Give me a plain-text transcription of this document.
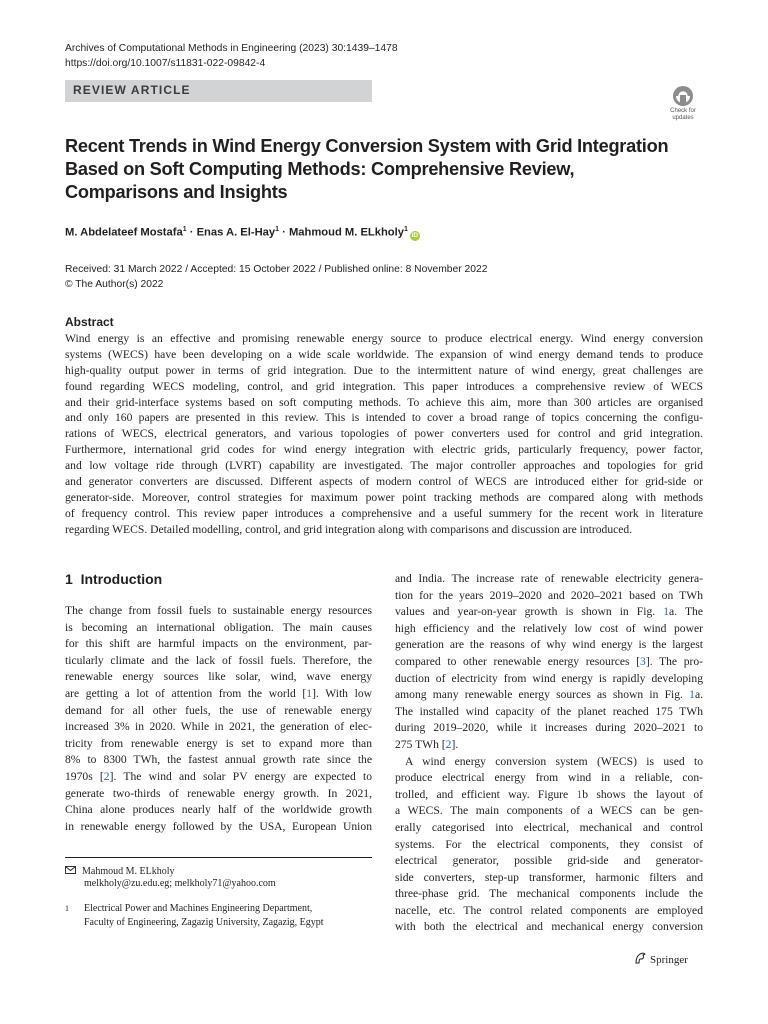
Archives of Computational Methods in Engineering (2023) 30:1439–1478
https://doi.org/10.1007/s11831-022-09842-4
REVIEW ARTICLE
Check for
updates
Recent Trends in Wind Energy Conversion System with Grid Integration
Based on Soft Computing Methods: Comprehensive Review,
Comparisons and Insights
M. Abdelateef Mostafa$^1$ · Enas A. El-Hay$^1$ · Mahmoud M. ELkholy$^1$iD
Received: 31 March 2022 / Accepted: 15 October 2022 / Published online: 8 November 2022
© The Author(s) 2022
Abstract
Wind energy is an effective and promising renewable energy source to produce electrical energy. Wind energy conversion
systems (WECS) have been developing on a wide scale worldwide. The expansion of wind energy demand tends to produce
high-quality output power in terms of grid integration. Due to the intermittent nature of wind energy, great challenges are
found regarding WECS modeling, control, and grid integration. This paper introduces a comprehensive review of WECS
and their grid-interface systems based on soft computing methods. To achieve this aim, more than 300 articles are organised
and only 160 papers are presented in this review. This is intended to cover a broad range of topics concerning the configu-
rations of WECS, electrical generators, and various topologies of power converters used for control and grid integration.
Furthermore, international grid codes for wind energy integration with electric grids, particularly frequency, power factor,
and low voltage ride through (LVRT) capability are investigated. The major controller approaches and topologies for grid
and generator converters are discussed. Different aspects of modern control of WECS are introduced either for grid-side or
generator-side. Moreover, control strategies for maximum power point tracking methods are compared along with methods
of frequency control. This review paper introduces a comprehensive and a useful summery for the recent work in literature
regarding WECS. Detailed modelling, control, and grid integration along with comparisons and discussion are introduced.
1 Introduction
The change from fossil fuels to sustainable energy resources
is becoming an international obligation. The main causes
for this shift are harmful impacts on the environment, par-
ticularly climate and the lack of fossil fuels. Therefore, the
renewable energy sources like solar, wind, wave energy
are getting a lot of attention from the world [1]. With low
demand for all other fuels, the use of renewable energy
increased 3% in 2020. While in 2021, the generation of elec-
tricity from renewable energy is set to expand more than
8% to 8300 TWh, the fastest annual growth rate since the
1970s [2]. The wind and solar PV energy are expected to
generate two-thirds of renewable energy growth. In 2021,
China alone produces nearly half of the worldwide growth
in renewable energy followed by the USA, European Union
and India. The increase rate of renewable electricity genera-
tion for the years 2019–2020 and 2020–2021 based on TWh
values and year-on-year growth is shown in Fig. 1a. The
high efficiency and the relatively low cost of wind power
generation are the reasons of why wind energy is the largest
compared to other renewable energy resources [3]. The pro-
duction of electricity from wind energy is rapidly developing
among many renewable energy sources as shown in Fig. 1a.
The installed wind capacity of the planet reached 175 TWh
during 2019–2020, while it increases during 2020–2021 to
275 TWh [2].
A wind energy conversion system (WECS) is used to
produce electrical energy from wind in a reliable, con-
trolled, and efficient way. Figure 1b shows the layout of
a WECS. The main components of a WECS can be gen-
erally categorised into electrical, mechanical and control
systems. For the electrical components, they consist of
electrical generator, possible grid-side and generator-
side converters, step-up transformer, harmonic filters and
three-phase grid. The mechanical components include the
nacelle, etc. The control related components are employed
with both the electrical and mechanical energy conversion
Mahmoud M. ELkholy
melkholy@zu.edu.eg; melkholy71@yahoo.com
1 Electrical Power and Machines Engineering Department,
Faculty of Engineering, Zagazig University, Zagazig, Egypt
Springer
